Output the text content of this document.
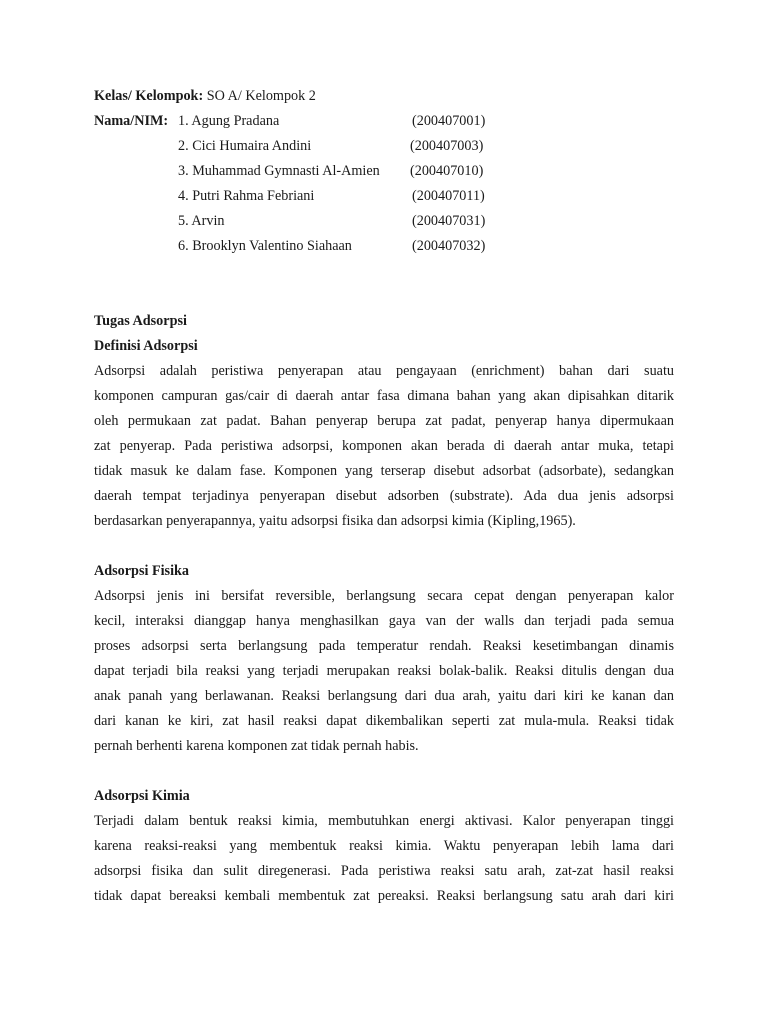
Kelas/ Kelompok: SO A/ Kelompok 2
Nama/NIM: 1. Agung Pradana	(200407001)
2. Cici Humaira Andini	(200407003)
3. Muhammad Gymnasti Al-Amien (200407010)
4. Putri Rahma Febriani	(200407011)
5. Arvin	(200407031)
6. Brooklyn Valentino Siahaan	(200407032)
Tugas Adsorpsi
Definisi Adsorpsi

Adsorpsi adalah peristiwa penyerapan atau pengayaan (enrichment) bahan dari suatu
komponen campuran gas/cair di daerah antar fasa dimana bahan yang akan dipisahkan ditarik
oleh permukaan zat padat. Bahan penyerap berupa zat padat, penyerap hanya dipermukaan
zat penyerap. Pada peristiwa adsorpsi, komponen akan berada di daerah antar muka, tetapi
tidak masuk ke dalam fase. Komponen yang terserap disebut adsorbat (adsorbate), sedangkan
daerah tempat terjadinya penyerapan disebut adsorben (substrate). Ada dua jenis adsorpsi
berdasarkan penyerapannya, yaitu adsorpsi fisika dan adsorpsi kimia (Kipling,1965).

Adsorpsi Fisika

Adsorpsi jenis ini bersifat reversible, berlangsung secara cepat dengan penyerapan kalor
kecil, interaksi dianggap hanya menghasilkan gaya van der walls dan terjadi pada semua
proses adsorpsi serta berlangsung pada temperatur rendah. Reaksi kesetimbangan dinamis
dapat terjadi bila reaksi yang terjadi merupakan reaksi bolak-balik. Reaksi ditulis dengan dua
anak panah yang berlawanan. Reaksi berlangsung dari dua arah, yaitu dari kiri ke kanan dan
dari kanan ke kiri, zat hasil reaksi dapat dikembalikan seperti zat mula-mula. Reaksi tidak
pernah berhenti karena komponen zat tidak pernah habis.

Adsorpsi Kimia

Terjadi dalam bentuk reaksi kimia, membutuhkan energi aktivasi. Kalor penyerapan tinggi
karena reaksi-reaksi yang membentuk reaksi kimia. Waktu penyerapan lebih lama dari
adsorpsi fisika dan sulit diregenerasi. Pada peristiwa reaksi satu arah, zat-zat hasil reaksi
tidak dapat bereaksi kembali membentuk zat pereaksi. Reaksi berlangsung satu arah dari kiri
